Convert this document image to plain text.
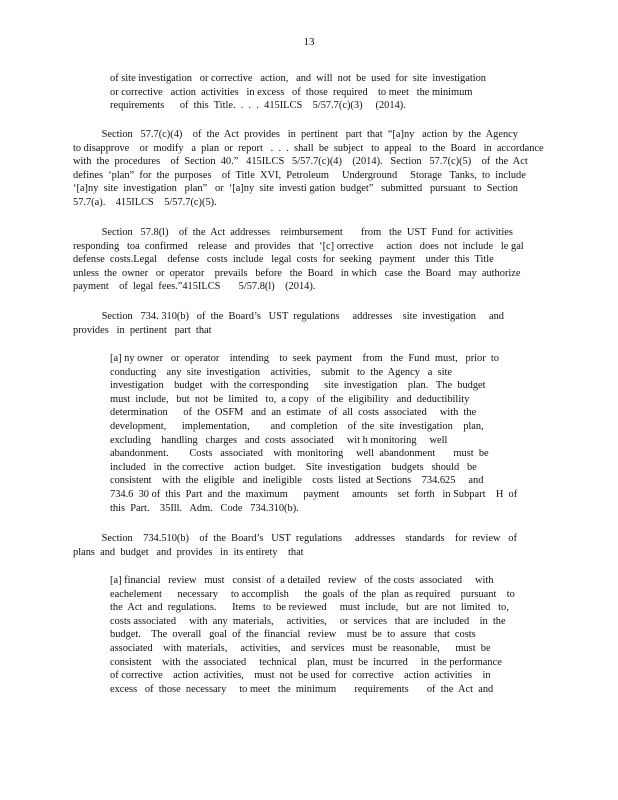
13
of site investigation   or corrective   action,   and  will  not  be  used  for  site  investigation
or corrective   action  activities   in excess   of  those  required    to meet   the minimum
requirements      of  this  Title.  .  .  .  415ILCS    5/57.7(c)(3)     (2014).
Section   57.7(c)(4)    of  the  Act  provides   in  pertinent   part  that  “[a]ny   action  by  the  Agency
to disapprove    or  modify   a  plan  or  report   .  .  .  shall  be  subject   to  appeal   to  the  Board   in  accordance
with  the  procedures    of  Section  40.”   415ILCS   5/57.7(c)(4)    (2014).   Section   57.7(c)(5)    of  the  Act
defines  ‘plan”  for  the  purposes    of  Title  XVI,  Petroleum     Underground     Storage   Tanks,  to  include
‘[a]ny  site  investigation   plan”   or  ‘[a]ny  site  investi gation  budget”   submitted   pursuant   to  Section
57.7(a).    415ILCS    5/57.7(c)(5).
Section   57.8(l)    of  the  Act  addresses    reimbursement       from   the  UST  Fund  for  activities
responding   toa  confirmed    release   and  provides   that  ‘[c] orrective     action   does  not  include   le gal
defense  costs.Legal    defense   costs  include   legal  costs  for  seeking   payment    under  this  Title
unless  the  owner   or  operator    prevails   before   the  Board   in which   case  the  Board   may  authorize
payment    of  legal  fees.”415ILCS       5/57.8(l)    (2014).
Section   734. 310(b)   of  the  Board’s   UST  regulations     addresses    site  investigation     and
provides   in  pertinent   part  that
[a] ny owner   or  operator    intending    to  seek  payment    from   the  Fund  must,   prior  to
conducting    any  site  investigation    activities,    submit   to  the  Agency   a  site
investigation    budget   with  the corresponding      site  investigation    plan.   The  budget
must  include,   but  not  be  limited   to,  a copy   of  the  eligibility   and  deductibility
determination      of  the  OSFM   and  an  estimate   of  all  costs  associated     with  the
development,      implementation,        and  completion    of  the  site  investigation    plan,
excluding    handling   charges   and  costs  associated     wit h monitoring     well
abandonment.        Costs   associated    with  monitoring     well  abandonment       must  be
included   in  the corrective    action  budget.    Site  investigation    budgets   should   be
consistent    with  the  eligible   and  ineligible    costs  listed  at Sections    734.625     and
734.6  30 of  this  Part  and  the  maximum      payment     amounts    set  forth   in Subpart    H  of
this  Part.    35Ill.   Adm.   Code   734.310(b).
Section    734.510(b)    of  the  Board’s   UST  regulations     addresses    standards    for  review   of
plans  and  budget   and  provides   in  its entirety    that
[a] financial   review   must   consist  of  a detailed   review   of  the costs  associated     with
eachelement      necessary     to accomplish      the  goals  of  the  plan  as required    pursuant    to
the  Act  and  regulations.      Items   to  be reviewed     must  include,   but  are  not  limited   to,
costs associated     with  any  materials,     activities,     or  services   that  are  included    in  the
budget.    The  overall   goal  of  the  financial   review    must  be  to  assure   that  costs
associated    with  materials,     activities,    and  services   must  be  reasonable,      must  be
consistent    with  the  associated     technical    plan,  must  be  incurred     in  the performance
of corrective    action  activities,    must  not  be used  for  corrective    action  activities    in
excess   of  those  necessary     to meet   the  minimum       requirements       of  the  Act  and
